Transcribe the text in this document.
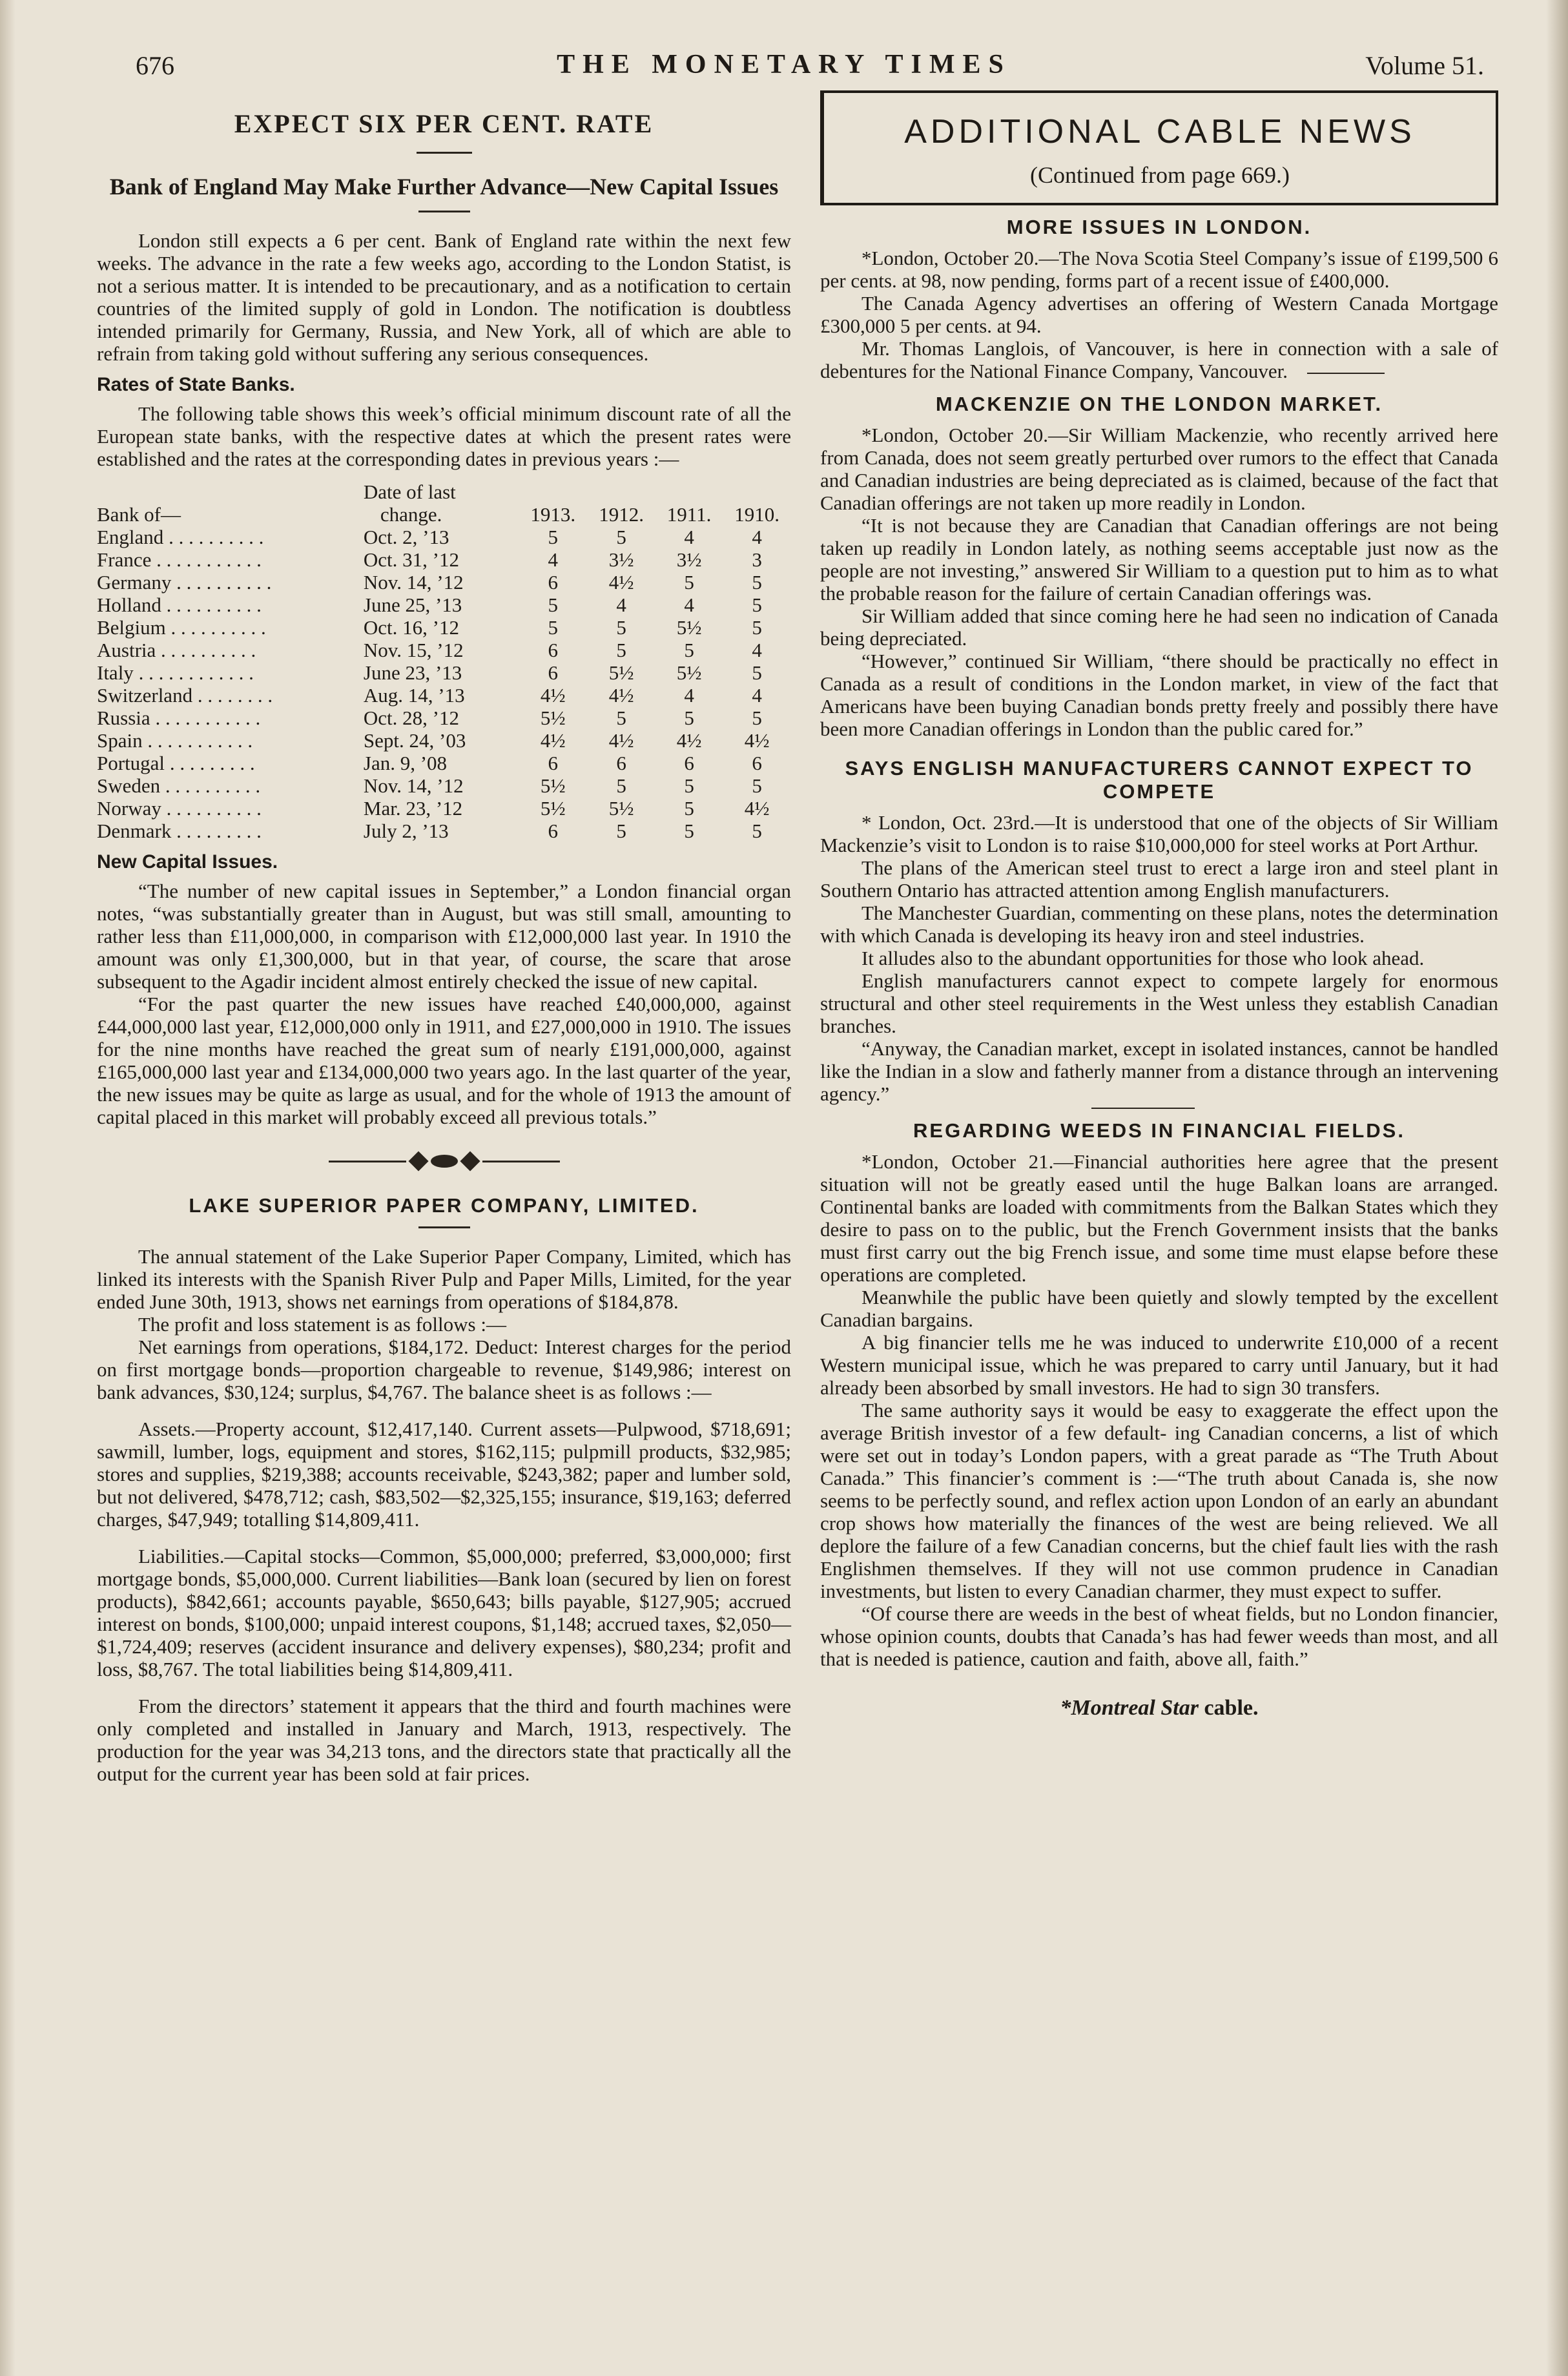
676	THE MONETARY TIMES	Volume 51.
EXPECT SIX PER CENT. RATE
Bank of England May Make Further Advance—New Capital Issues

London still expects a 6 per cent. Bank of England rate within the next few weeks. The advance in the rate a few weeks ago, according to the London Statist, is not a serious matter. It is intended to be precautionary, and as a notification to certain countries of the limited supply of gold in London. The notification is doubtless intended primarily for Germany, Russia, and New York, all of which are able to refrain from taking gold without suffering any serious consequences.

Rates of State Banks.

The following table shows this week’s official minimum discount rate of all the European state banks, with the respective dates at which the present rates were established and the rates at the corresponding dates in previous years :—

	Date of last				
Bank of—	change.	1913.	1912.	1911.	1910.
England . . . . . . . . . .	Oct. 2, ’13	5	5	4	4
France . . . . . . . . . . .	Oct. 31, ’12	4	3½	3½	3
Germany . . . . . . . . . .	Nov. 14, ’12	6	4½	5	5
Holland . . . . . . . . . .	June 25, ’13	5	4	4	5
Belgium . . . . . . . . . .	Oct. 16, ’12	5	5	5½	5
Austria . . . . . . . . . .	Nov. 15, ’12	6	5	5	4
Italy . . . . . . . . . . . .	June 23, ’13	6	5½	5½	5
Switzerland . . . . . . . .	Aug. 14, ’13	4½	4½	4	4
Russia . . . . . . . . . . .	Oct. 28, ’12	5½	5	5	5
Spain . . . . . . . . . . .	Sept. 24, ’03	4½	4½	4½	4½
Portugal . . . . . . . . .	Jan. 9, ’08	6	6	6	6
Sweden . . . . . . . . . .	Nov. 14, ’12	5½	5	5	5
Norway . . . . . . . . . .	Mar. 23, ’12	5½	5½	5	4½
Denmark . . . . . . . . .	July 2, ’13	6	5	5	5
New Capital Issues.

“The number of new capital issues in September,” a London financial organ notes, “was substantially greater than in August, but was still small, amounting to rather less than £11,000,000, in comparison with £12,000,000 last year. In 1910 the amount was only £1,300,000, but in that year, of course, the scare that arose subsequent to the Agadir incident almost entirely checked the issue of new capital.

“For the past quarter the new issues have reached £40,000,000, against £44,000,000 last year, £12,000,000 only in 1911, and £27,000,000 in 1910. The issues for the nine months have reached the great sum of nearly £191,000,000, against £165,000,000 last year and £134,000,000 two years ago. In the last quarter of the year, the new issues may be quite as large as usual, and for the whole of 1913 the amount of capital placed in this market will probably exceed all previous totals.”

LAKE SUPERIOR PAPER COMPANY, LIMITED.

The annual statement of the Lake Superior Paper Company, Limited, which has linked its interests with the Spanish River Pulp and Paper Mills, Limited, for the year ended June 30th, 1913, shows net earnings from operations of $184,878.

The profit and loss statement is as follows :—

Net earnings from operations, $184,172. Deduct: Interest charges for the period on first mortgage bonds—proportion chargeable to revenue, $149,986; interest on bank advances, $30,124; surplus, $4,767. The balance sheet is as follows :—

Assets.—Property account, $12,417,140. Current assets—Pulpwood, $718,691; sawmill, lumber, logs, equipment and stores, $162,115; pulpmill products, $32,985; stores and supplies, $219,388; accounts receivable, $243,382; paper and lumber sold, but not delivered, $478,712; cash, $83,502—$2,325,155; insurance, $19,163; deferred charges, $47,949; totalling $14,809,411.

Liabilities.—Capital stocks—Common, $5,000,000; preferred, $3,000,000; first mortgage bonds, $5,000,000. Current liabilities—Bank loan (secured by lien on forest products), $842,661; accounts payable, $650,643; bills payable, $127,905; accrued interest on bonds, $100,000; unpaid interest coupons, $1,148; accrued taxes, $2,050—$1,724,409; reserves (accident insurance and delivery expenses), $80,234; profit and loss, $8,767. The total liabilities being $14,809,411.

From the directors’ statement it appears that the third and fourth machines were only completed and installed in January and March, 1913, respectively. The production for the year was 34,213 tons, and the directors state that practically all the output for the current year has been sold at fair prices.

ADDITIONAL CABLE NEWS
(Continued from page 669.)
MORE ISSUES IN LONDON.

*London, October 20.—The Nova Scotia Steel Company’s issue of £199,500 6 per cents. at 98, now pending, forms part of a recent issue of £400,000.

The Canada Agency advertises an offering of Western Canada Mortgage £300,000 5 per cents. at 94.

Mr. Thomas Langlois, of Vancouver, is here in connection with a sale of debentures for the National Finance Company, Vancouver.

MACKENZIE ON THE LONDON MARKET.

*London, October 20.—Sir William Mackenzie, who recently arrived here from Canada, does not seem greatly perturbed over rumors to the effect that Canada and Canadian industries are being depreciated as is claimed, because of the fact that Canadian offerings are not taken up more readily in London.

“It is not because they are Canadian that Canadian offerings are not being taken up readily in London lately, as nothing seems acceptable just now as the people are not investing,” answered Sir William to a question put to him as to what the probable reason for the failure of certain Canadian offerings was.

Sir William added that since coming here he had seen no indication of Canada being depreciated.

“However,” continued Sir William, “there should be practically no effect in Canada as a result of conditions in the London market, in view of the fact that Americans have been buying Canadian bonds pretty freely and possibly there have been more Canadian offerings in London than the public cared for.”

SAYS ENGLISH MANUFACTURERS CANNOT EXPECT TO COMPETE

* London, Oct. 23rd.—It is understood that one of the objects of Sir William Mackenzie’s visit to London is to raise $10,000,000 for steel works at Port Arthur.

The plans of the American steel trust to erect a large iron and steel plant in Southern Ontario has attracted attention among English manufacturers.

The Manchester Guardian, commenting on these plans, notes the determination with which Canada is developing its heavy iron and steel industries.

It alludes also to the abundant opportunities for those who look ahead.

English manufacturers cannot expect to compete largely for enormous structural and other steel requirements in the West unless they establish Canadian branches.

“Anyway, the Canadian market, except in isolated instances, cannot be handled like the Indian in a slow and fatherly manner from a distance through an intervening agency.”

REGARDING WEEDS IN FINANCIAL FIELDS.

*London, October 21.—Financial authorities here agree that the present situation will not be greatly eased until the huge Balkan loans are arranged. Continental banks are loaded with commitments from the Balkan States which they desire to pass on to the public, but the French Government insists that the banks must first carry out the big French issue, and some time must elapse before these operations are completed.

Meanwhile the public have been quietly and slowly tempted by the excellent Canadian bargains.

A big financier tells me he was induced to underwrite £10,000 of a recent Western municipal issue, which he was prepared to carry until January, but it had already been absorbed by small investors. He had to sign 30 transfers.

The same authority says it would be easy to exaggerate the effect upon the average British investor of a few default- ing Canadian concerns, a list of which were set out in today’s London papers, with a great parade as “The Truth About Canada.” This financier’s comment is :—“The truth about Canada is, she now seems to be perfectly sound, and reflex action upon London of an early an abundant crop shows how materially the finances of the west are being relieved. We all deplore the failure of a few Canadian concerns, but the chief fault lies with the rash Englishmen themselves. If they will not use common prudence in Canadian investments, but listen to every Canadian charmer, they must expect to suffer.

“Of course there are weeds in the best of wheat fields, but no London financier, whose opinion counts, doubts that Canada’s has had fewer weeds than most, and all that is needed is patience, caution and faith, above all, faith.”

*Montreal Star cable.
